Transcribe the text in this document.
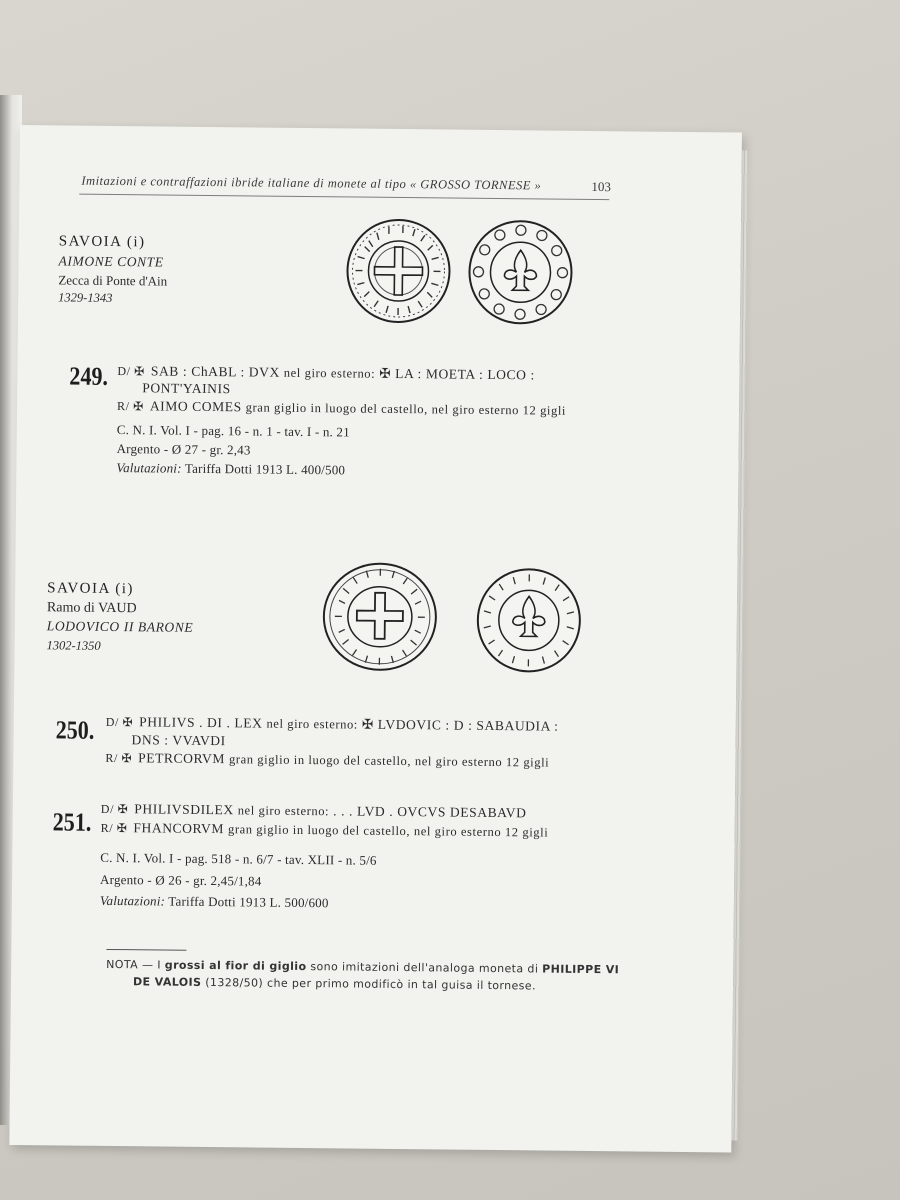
Imitazioni e contraffazioni ibride italiane di monete al tipo « GROSSO TORNESE »	103
SAVOIA (i)
AIMONE CONTE
Zecca di Ponte d'Ain
1329-1343
249. D/ ✠ SAB : ChABL : DVX nel giro esterno: ✠ LA : MOETA : LOCO :
PONT'YAINIS
R/ ✠ AIMO COMES gran giglio in luogo del castello, nel giro esterno 12 gigli
C. N. I. Vol. I - pag. 16 - n. 1 - tav. I - n. 21
Argento - Ø 27 - gr. 2,43
Valutazioni: Tariffa Dotti 1913 L. 400/500
SAVOIA (i)
Ramo di VAUD
LODOVICO II BARONE
1302-1350
250. D/ ✠ PHILIVS . DI . LEX nel giro esterno: ✠ LVDOVIC : D : SABAUDIA :
DNS : VVAVDI
R/ ✠ PETRCORVM gran giglio in luogo del castello, nel giro esterno 12 gigli
251. D/ ✠ PHILIVSDILEX nel giro esterno: . . . LVD . OVCVS DESABAVD
R/ ✠ FHANCORVM gran giglio in luogo del castello, nel giro esterno 12 gigli
C. N. I. Vol. I - pag. 518 - n. 6/7 - tav. XLII - n. 5/6
Argento - Ø 26 - gr. 2,45/1,84
Valutazioni: Tariffa Dotti 1913 L. 500/600
NOTA — I grossi al fior di giglio sono imitazioni dell'analoga moneta di PHILIPPE VI
DE VALOIS (1328/50) che per primo modificò in tal guisa il tornese.
